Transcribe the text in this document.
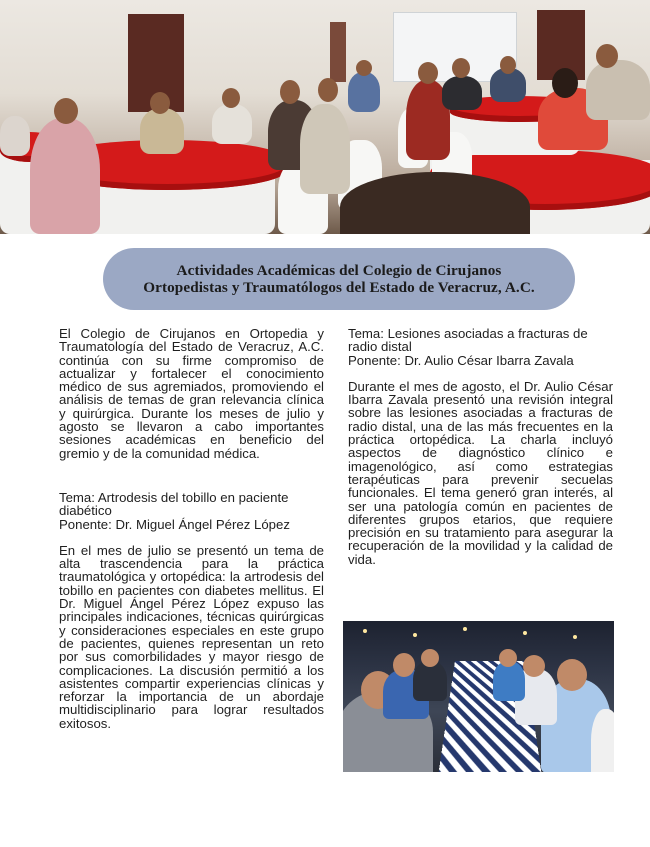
Actividades Académicas del Colegio de Cirujanos
Ortopedistas y Traumatólogos del Estado de Veracruz, A.C.

El Colegio de Cirujanos en Ortopedia y Traumatología del Estado de Veracruz, A.C. continúa con su firme compromiso de actualizar y fortalecer el conocimiento médico de sus agremiados, promoviendo el análisis de temas de gran relevancia clínica y quirúrgica. Durante los meses de julio y agosto se llevaron a cabo importantes sesiones académicas en beneficio del gremio y de la comunidad médica.

Tema: Artrodesis del tobillo en paciente diabético

Ponente: Dr. Miguel Ángel Pérez López

En el mes de julio se presentó un tema de alta trascendencia para la práctica traumatológica y ortopédica: la artrodesis del tobillo en pacientes con diabetes mellitus. El Dr. Miguel Ángel Pérez López expuso las principales indicaciones, técnicas quirúrgicas y consideraciones especiales en este grupo de pacientes, quienes representan un reto por sus comorbilidades y mayor riesgo de complicaciones. La discusión permitió a los asistentes compartir experiencias clínicas y reforzar la importancia de un abordaje multidisciplinario para lograr resultados exitosos.

Tema: Lesiones asociadas a fracturas de radio distal

Ponente: Dr. Aulio César Ibarra Zavala

Durante el mes de agosto, el Dr. Aulio César Ibarra Zavala presentó una revisión integral sobre las lesiones asociadas a fracturas de radio distal, una de las más frecuentes en la práctica ortopédica. La charla incluyó aspectos de diagnóstico clínico e imagenológico, así como estrategias terapéuticas para prevenir secuelas funcionales. El tema generó gran interés, al ser una patología común en pacientes de diferentes grupos etarios, que requiere precisión en su tratamiento para asegurar la recuperación de la movilidad y la calidad de vida.
